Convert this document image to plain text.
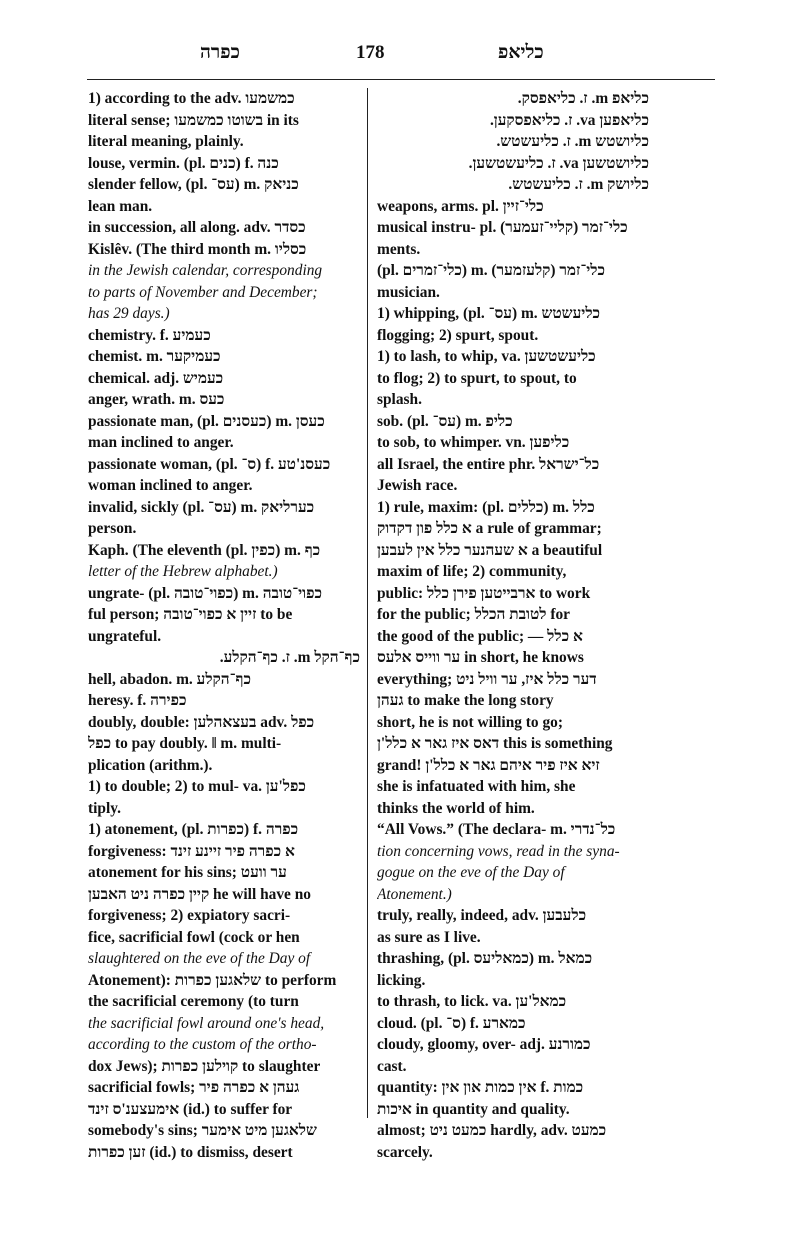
כפרה	178	כליאפ
1) according to the adv. כמשמעו
literal sense; בשוטו כמשמעו in its
literal meaning, plainly.
louse, vermin. (pl. כנים) f. כנה
slender fellow, (pl. עס־) m. כניאק
lean man.
in succession, all along. adv. כסדר
Kislêv. (The third month m. כסליו
in the Jewish calendar, corresponding
to parts of November and December;
has 29 days.)
chemistry. f. כעמיע
chemist. m. כעמיקער
chemical. adj. כעמיש
anger, wrath. m. כעס
passionate man, (pl. כעסנים) m. כעסן
man inclined to anger.
passionate woman, (pl. ס־) f. כעסנ'טע
woman inclined to anger.
invalid, sickly (pl. עס־) m. כערליאק
person.
Kaph. (The eleventh (pl. כפין) m. כף
letter of the Hebrew alphabet.)
ungrate- (pl. כפוי־טובה) m. כפוי־טובה
ful person; זיין א כפוי־טובה to be
ungrateful.
כף־הקל m. ז. כף־הקלע.
hell, abadon. m. כף־הקלע
heresy. f. כפירה
doubly, double: בעצאהלען adv. כפל
כפל to pay doubly. ‖ m. multi-
plication (arithm.).
1) to double; 2) to mul- va. כפל'ען
tiply.
1) atonement, (pl. כפרות) f. כפרה
forgiveness: א כפרה פיר זיינע זינד
atonement for his sins; ער וועט
קיין כפרה ניט האבען he will have no
forgiveness; 2) expiatory sacri-
fice, sacrificial fowl (cock or hen
slaughtered on the eve of the Day of
Atonement): שלאגען כפרות to perform
the sacrificial ceremony (to turn
the sacrificial fowl around one's head,
according to the custom of the ortho-
dox Jews); קוילען כפרות to slaughter
sacrificial fowls; געהן א כפרה פיר
אימעצענ'ס זינד (id.) to suffer for
somebody's sins; שלאגען מיט אימער
זען כפרות (id.) to dismiss, desert
כליאפ m. ז. כליאפסק.
כליאפען va. ז. כליאפסקען.
כליושטש m. ז. כליעשטש.
כליושטשען va. ז. כליעשטשען.
כליושק m. ז. כליעשטש.
weapons, arms. pl. כלי־זיין
musical instru- pl. (קליי־זעמער) כלי־זמר
ments.
(pl. כלי־זמרים) m. (קלעזמער) כלי־זמר
musician.
1) whipping, (pl. עס־) m. כליעשטש
flogging; 2) spurt, spout.
1) to lash, to whip, va. כליעשטשען
to flog; 2) to spurt, to spout, to
splash.
sob. (pl. עס־) m. כליפ
to sob, to whimper. vn. כליפען
all Israel, the entire phr. כל־ישראל
Jewish race.
1) rule, maxim: (pl. כללים) m. כלל
א כלל פון דקדוק a rule of grammar;
א שעהנער כלל אין לעבען a beautiful
maxim of life; 2) community,
public: ארבייטען פירן כלל to work
for the public; לטובת הכלל for
the good of the public; — א כלל
ער ווייס אלעס in short, he knows
everything; דער כלל איז, ער וויל ניט
געהן to make the long story
short, he is not willing to go;
דאס איז גאר א כלל'ן this is something
grand! זיא איז פיר איהם גאר א כלל'ן
she is infatuated with him, she
thinks the world of him.
“All Vows.” (The declara- m. כל־נדרי
tion concerning vows, read in the syna-
gogue on the eve of the Day of
Atonement.)
truly, really, indeed, adv. כלעבען
as sure as I live.
thrashing, (pl. כמאליעס) m. כמאל
licking.
to thrash, to lick. va. כמאל'ען
cloud. (pl. ס־) f. כמארע
cloudy, gloomy, over- adj. כמורנע
cast.
quantity: אין כמות און אין f. כמות
איכות in quantity and quality.
almost; כמעט ניט hardly, adv. כמעט
scarcely.
